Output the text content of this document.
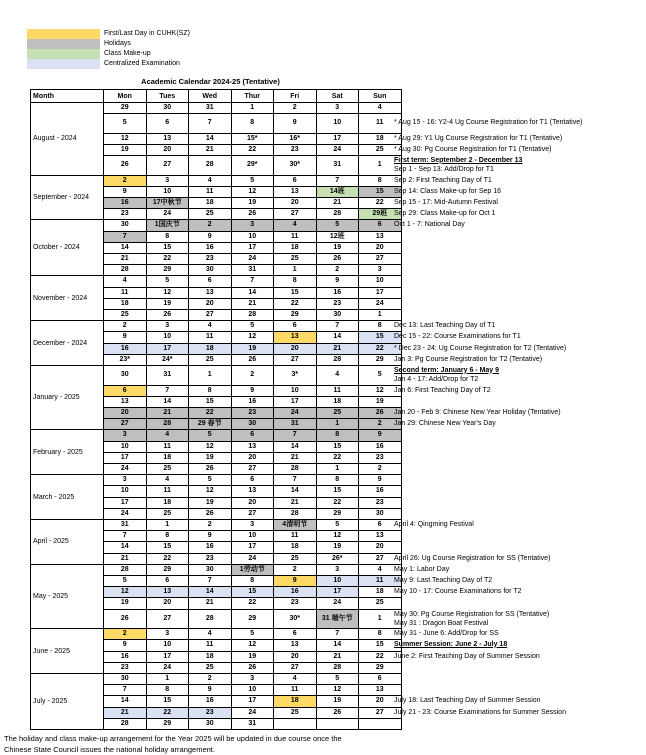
First/Last Day in CUHK(SZ)
Holidays
Class Make-up
Centralized Examination
Academic Calendar 2024-25 (Tentative)
Month	Mon	Tues	Wed	Thur	Fri	Sat	Sun
August - 2024	29	30	31	1	2	3	4
	5	6	7	8	9	10	11
	12	13	14	15*	16*	17	18
	19	20	21	22	23	24	25
	26	27	28	29*	30*	31	1
September - 2024	2	3	4	5	6	7	8
	9	10	11	12	13	14班	15
	16	17中秋节	18	19	20	21	22
	23	24	25	26	27	28	29班
October - 2024	30	1国庆节	2	3	4	5	6
	7	8	9	10	11	12班	13
	14	15	16	17	18	19	20
	21	22	23	24	25	26	27
	28	29	30	31	1	2	3
November - 2024	4	5	6	7	8	9	10
	11	12	13	14	15	16	17
	18	19	20	21	22	23	24
	25	26	27	28	29	30	1
December - 2024	2	3	4	5	6	7	8
	9	10	11	12	13	14	15
	16	17	18	19	20	21	22
	23*	24*	25	26	27	28	29
January - 2025	30	31	1	2	3*	4	5
	6	7	8	9	10	11	12
	13	14	15	16	17	18	19
	20	21	22	23	24	25	26
	27	28	29 春节	30	31	1	2
February - 2025	3	4	5	6	7	8	9
	10	11	12	13	14	15	16
	17	18	19	20	21	22	23
	24	25	26	27	28	1	2
March - 2025	3	4	5	6	7	8	9
	10	11	12	13	14	15	16
	17	18	19	20	21	22	23
	24	25	26	27	28	29	30
April - 2025	31	1	2	3	4清明节	5	6
	7	8	9	10	11	12	13
	14	15	16	17	18	19	20
	21	22	23	24	25	26*	27
May - 2025	28	29	30	1劳动节	2	3	4
	5	6	7	8	9	10	11
	12	13	14	15	16	17	18
	19	20	21	22	23	24	25
	26	27	28	29	30*	31 端午节	1
June - 2025	2	3	4	5	6	7	8
	9	10	11	12	13	14	15
	16	17	18	19	20	21	22
	23	24	25	26	27	28	29
July - 2025	30	1	2	3	4	5	6
	7	8	9	10	11	12	13
	14	15	16	17	18	19	20
	21	22	23	24	25	26	27
	28	29	30	31			
* Aug 15 - 16: Y2-4 Ug Course Registration for T1 (Tentative)
* Aug 29: Y1 Ug Course Registration for T1 (Tentative)
* Aug 30: Pg Course Registration for T1 (Tentative)
First term: September 2 - December 13
Sep 1 - Sep 13: Add/Drop for T1
Sep 2: First Teaching Day of T1
Sep 14: Class Make-up for Sep 16
Sep 15 - 17: Mid-Autumn Festival
Sep 29: Class Make-up for Oct 1
Oct 1 - 7: National Day
Dec 13: Last Teaching Day of T1
Dec 15 - 22: Course Examinations for T1
* Dec 23 - 24: Ug Course Registration for T2 (Tentative)
Jan 3: Pg Course Registration for T2 (Tentative)
Second term: January 6 - May 9
Jan 4 - 17: Add/Drop for T2
Jan 6: First Teaching Day of T2
Jan 20 - Feb 9: Chinese New Year Holiday (Tentative)
Jan 29: Chinese New Year's Day
April 4: Qingming Festival
April 26: Ug Course Registration for SS (Tentative)
May 1: Labor Day
May 9: Last Teaching Day of T2
May 10 - 17: Course Examinations for T2
May 30: Pg Course Registration for SS (Tentative)
May 31 : Dragon Boat Festival
May 31 - June 6: Add/Drop for SS
Summer Session: June 2 - July 18
June 2: First Teaching Day of Summer Session
July 18: Last Teaching Day of Summer Session
July 21 - 23: Course Examinations for Summer Session
The holiday and class make-up arrangement for the Year 2025 will be updated in due course once the
Chinese State Council issues the national holiday arrangement.
